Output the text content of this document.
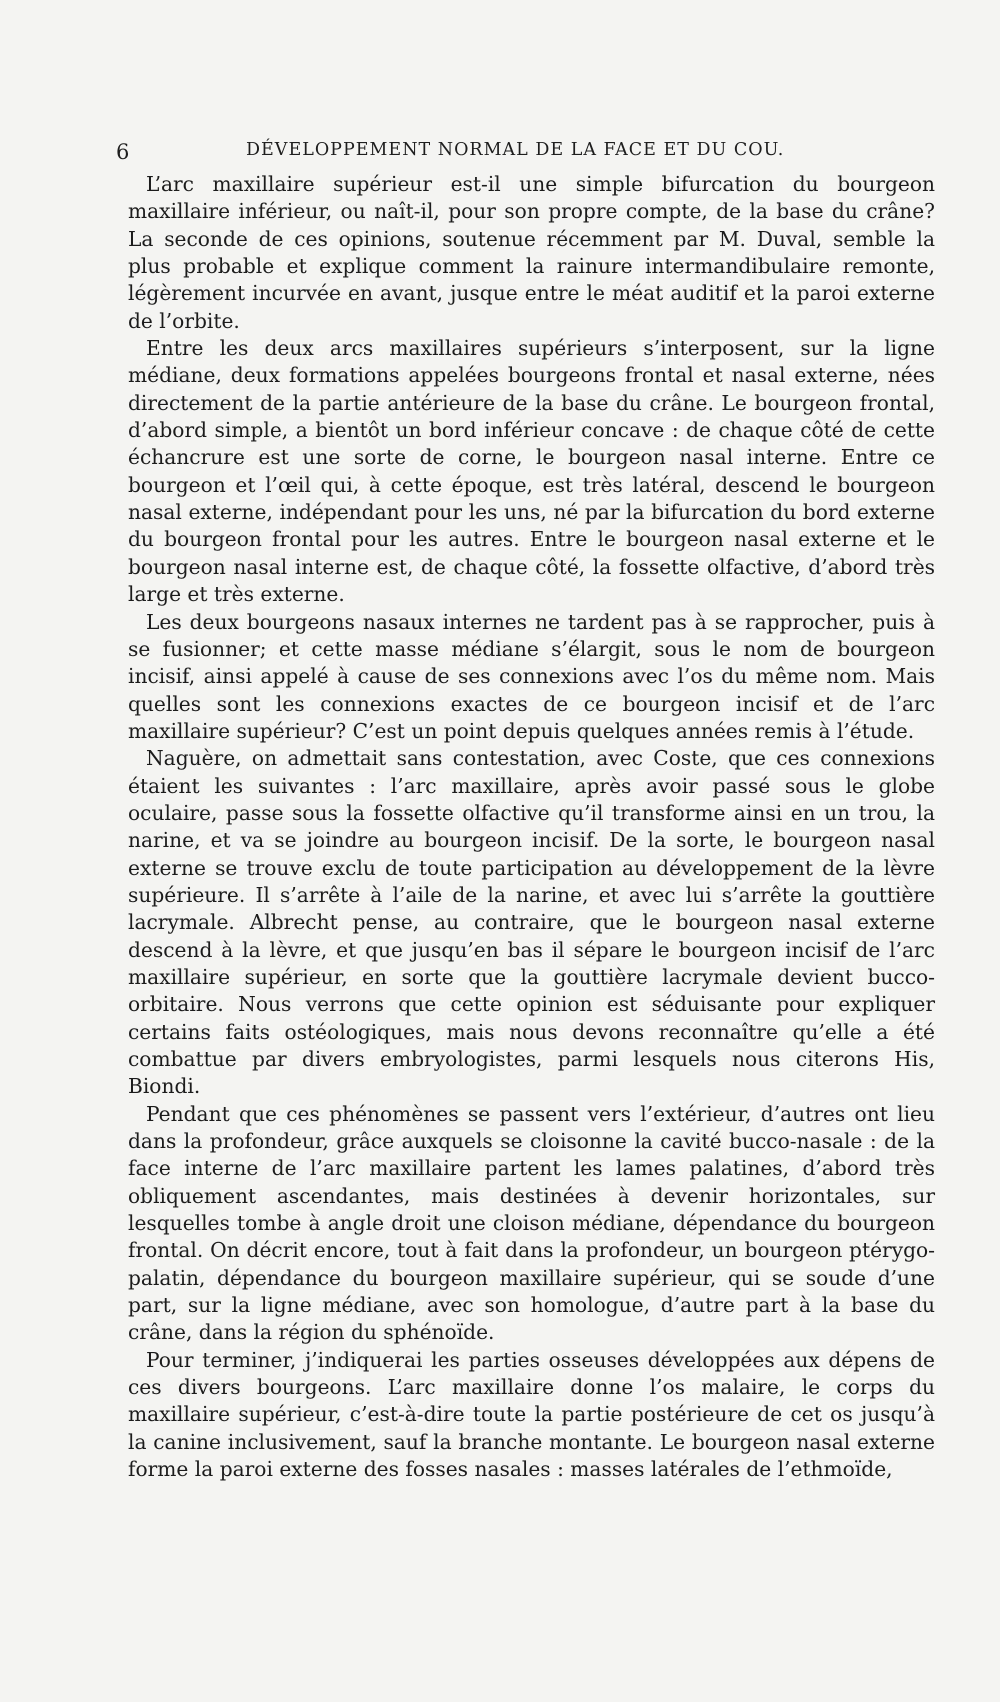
6	DÉVELOPPEMENT NORMAL DE LA FACE ET DU COU.

L’arc maxillaire supérieur est-il une simple bifurcation du bourgeon maxillaire inférieur, ou naît-il, pour son propre compte, de la base du crâne? La seconde de ces opinions, soutenue récemment par M. Duval, semble la plus probable et explique comment la rainure intermandibulaire remonte, légèrement incurvée en avant, jusque entre le méat auditif et la paroi externe de l’orbite.

Entre les deux arcs maxillaires supérieurs s’interposent, sur la ligne médiane, deux formations appelées bourgeons frontal et nasal externe, nées directement de la partie antérieure de la base du crâne. Le bourgeon frontal, d’abord simple, a bientôt un bord inférieur concave : de chaque côté de cette échancrure est une sorte de corne, le bourgeon nasal interne. Entre ce bourgeon et l’œil qui, à cette époque, est très latéral, descend le bourgeon nasal externe, indépendant pour les uns, né par la bifurcation du bord externe du bourgeon frontal pour les autres. Entre le bourgeon nasal externe et le bourgeon nasal interne est, de chaque côté, la fossette olfactive, d’abord très large et très externe.

Les deux bourgeons nasaux internes ne tardent pas à se rapprocher, puis à se fusionner; et cette masse médiane s’élargit, sous le nom de bourgeon incisif, ainsi appelé à cause de ses connexions avec l’os du même nom. Mais quelles sont les connexions exactes de ce bourgeon incisif et de l’arc maxillaire supérieur? C’est un point depuis quelques années remis à l’étude.

Naguère, on admettait sans contestation, avec Coste, que ces connexions étaient les suivantes : l’arc maxillaire, après avoir passé sous le globe oculaire, passe sous la fossette olfactive qu’il transforme ainsi en un trou, la narine, et va se joindre au bourgeon incisif. De la sorte, le bourgeon nasal externe se trouve exclu de toute participation au développement de la lèvre supérieure. Il s’arrête à l’aile de la narine, et avec lui s’arrête la gouttière lacrymale. Albrecht pense, au contraire, que le bourgeon nasal externe descend à la lèvre, et que jusqu’en bas il sépare le bourgeon incisif de l’arc maxillaire supérieur, en sorte que la gouttière lacrymale devient bucco-orbitaire. Nous verrons que cette opinion est séduisante pour expliquer certains faits ostéologiques, mais nous devons reconnaître qu’elle a été combattue par divers embryologistes, parmi lesquels nous citerons His, Biondi.

Pendant que ces phénomènes se passent vers l’extérieur, d’autres ont lieu dans la profondeur, grâce auxquels se cloisonne la cavité bucco-nasale : de la face interne de l’arc maxillaire partent les lames palatines, d’abord très obliquement ascendantes, mais destinées à devenir horizontales, sur lesquelles tombe à angle droit une cloison médiane, dépendance du bourgeon frontal. On décrit encore, tout à fait dans la profondeur, un bourgeon ptérygo-palatin, dépendance du bourgeon maxillaire supérieur, qui se soude d’une part, sur la ligne médiane, avec son homologue, d’autre part à la base du crâne, dans la région du sphénoïde.

Pour terminer, j’indiquerai les parties osseuses développées aux dépens de ces divers bourgeons. L’arc maxillaire donne l’os malaire, le corps du maxillaire supérieur, c’est-à-dire toute la partie postérieure de cet os jusqu’à la canine inclusivement, sauf la branche montante. Le bourgeon nasal externe forme la paroi externe des fosses nasales : masses latérales de l’ethmoïde,
